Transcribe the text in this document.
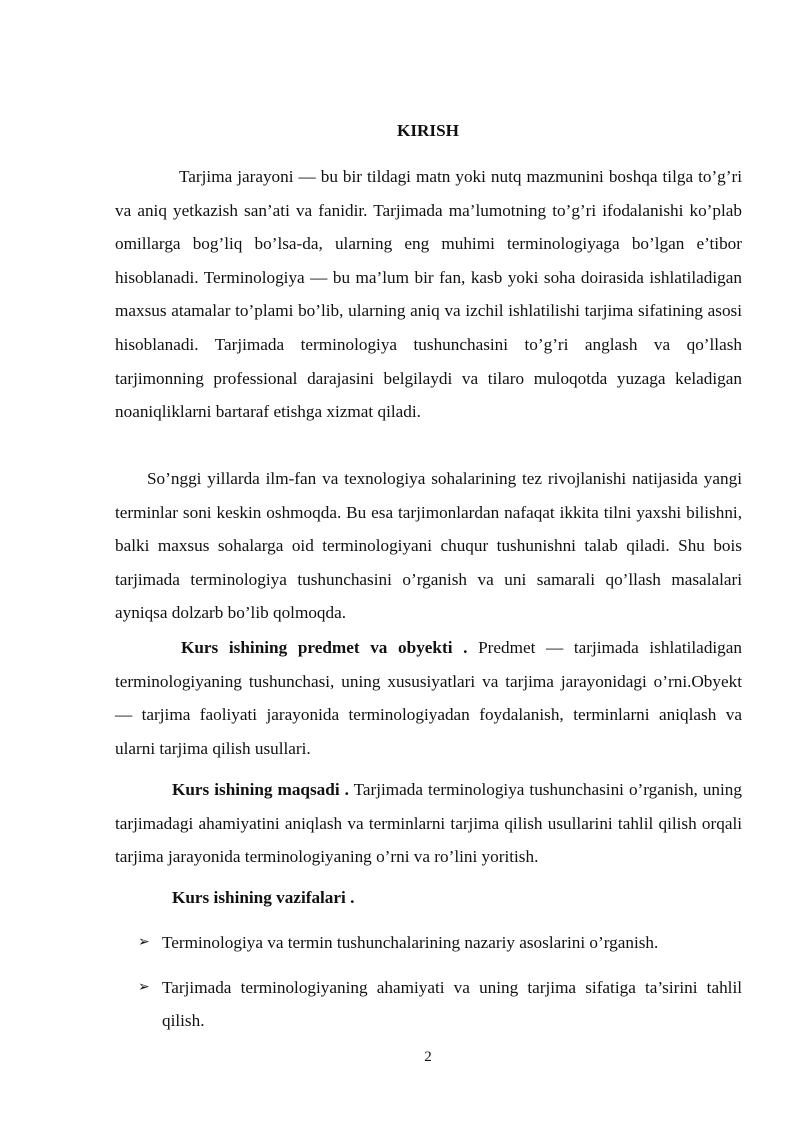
KIRISH

Tarjima jarayoni — bu bir tildagi matn yoki nutq mazmunini boshqa tilga to’g’ri va aniq yetkazish san’ati va fanidir. Tarjimada ma’lumotning to’g’ri ifodalanishi ko’plab omillarga bog’liq bo’lsa-da, ularning eng muhimi terminologiyaga bo’lgan e’tibor hisoblanadi. Terminologiya — bu ma’lum bir fan, kasb yoki soha doirasida ishlatiladigan maxsus atamalar to’plami bo’lib, ularning aniq va izchil ishlatilishi tarjima sifatining asosi hisoblanadi. Tarjimada terminologiya tushunchasini to’g’ri anglash va qo’llash tarjimonning professional darajasini belgilaydi va tilaro muloqotda yuzaga keladigan noaniqliklarni bartaraf etishga xizmat qiladi.

So’nggi yillarda ilm-fan va texnologiya sohalarining tez rivojlanishi natijasida yangi terminlar soni keskin oshmoqda. Bu esa tarjimonlardan nafaqat ikkita tilni yaxshi bilishni, balki maxsus sohalarga oid terminologiyani chuqur tushunishni talab qiladi. Shu bois tarjimada terminologiya tushunchasini o’rganish va uni samarali qo’llash masalalari ayniqsa dolzarb bo’lib qolmoqda.

Kurs ishining predmet va obyekti . Predmet — tarjimada ishlatiladigan terminologiyaning tushunchasi, uning xususiyatlari va tarjima jarayonidagi o’rni.Obyekt — tarjima faoliyati jarayonida terminologiyadan foydalanish, terminlarni aniqlash va ularni tarjima qilish usullari.

Kurs ishining maqsadi . Tarjimada terminologiya tushunchasini o’rganish, uning tarjimadagi ahamiyatini aniqlash va terminlarni tarjima qilish usullarini tahlil qilish orqali tarjima jarayonida terminologiyaning o’rni va ro’lini yoritish.

Kurs ishining vazifalari .

➢ Terminologiya va termin tushunchalarining nazariy asoslarini o’rganish.
➢ Tarjimada terminologiyaning ahamiyati va uning tarjima sifatiga ta’sirini tahlil qilish.
2
